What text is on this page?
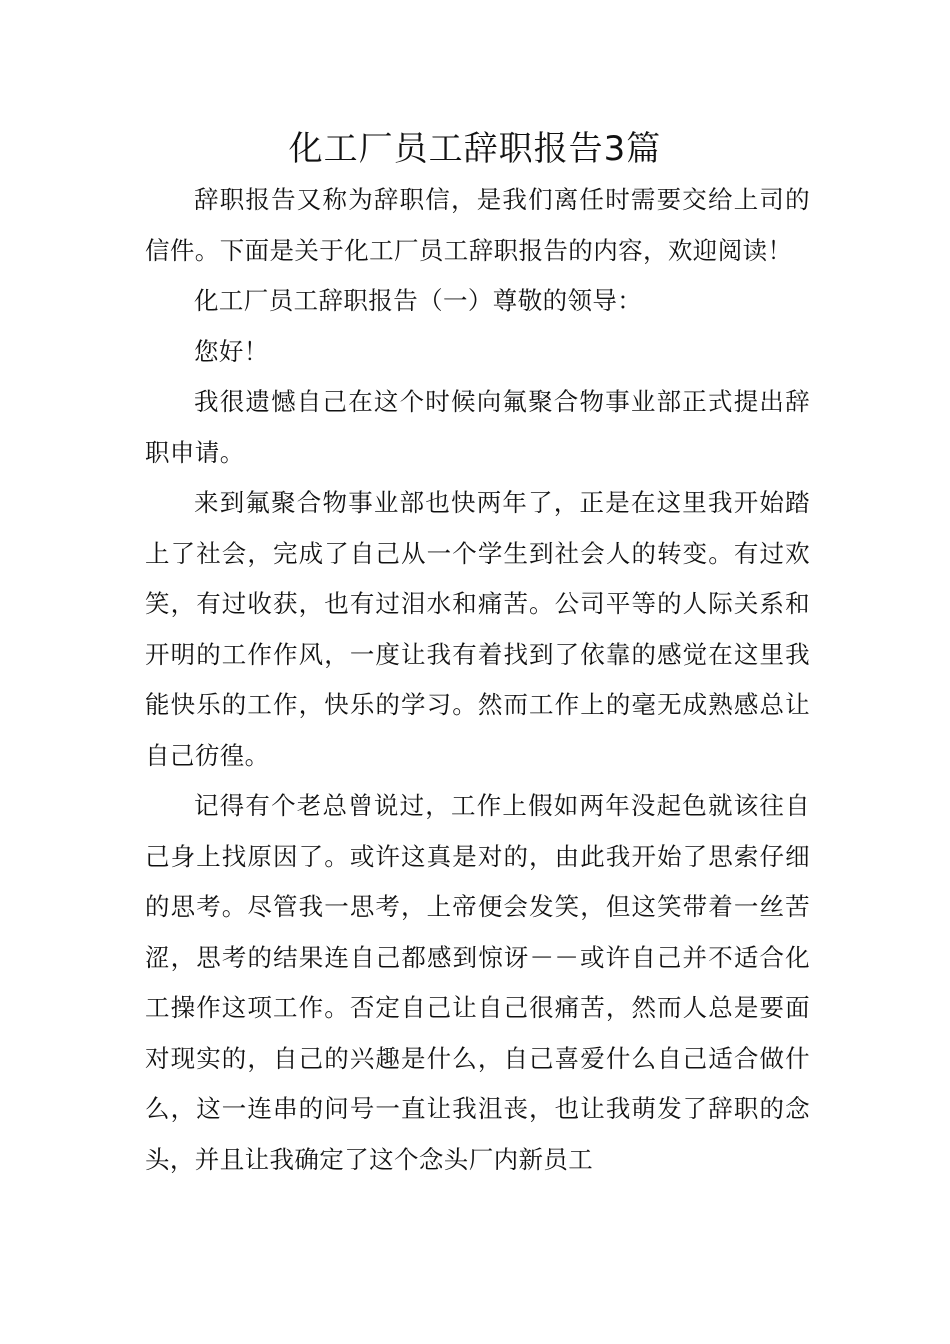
化工厂员工辞职报告3篇

辞职报告又称为辞职信，是我们离任时需要交给上司的信件。下面是关于化工厂员工辞职报告的内容，欢迎阅读！

化工厂员工辞职报告（一）尊敬的领导：

您好！

我很遗憾自己在这个时候向氟聚合物事业部正式提出辞职申请。

来到氟聚合物事业部也快两年了，正是在这里我开始踏上了社会，完成了自己从一个学生到社会人的转变。有过欢笑，有过收获，也有过泪水和痛苦。公司平等的人际关系和开明的工作作风，一度让我有着找到了依靠的感觉在这里我能快乐的工作，快乐的学习。然而工作上的毫无成熟感总让自己彷徨。

记得有个老总曾说过，工作上假如两年没起色就该往自己身上找原因了。或许这真是对的，由此我开始了思索仔细的思考。尽管我一思考，上帝便会发笑，但这笑带着一丝苦涩，思考的结果连自己都感到惊讶－－或许自己并不适合化工操作这项工作。否定自己让自己很痛苦，然而人总是要面对现实的，自己的兴趣是什么，自己喜爱什么自己适合做什么，这一连串的问号一直让我沮丧，也让我萌发了辞职的念头，并且让我确定了这个念头厂内新员工
